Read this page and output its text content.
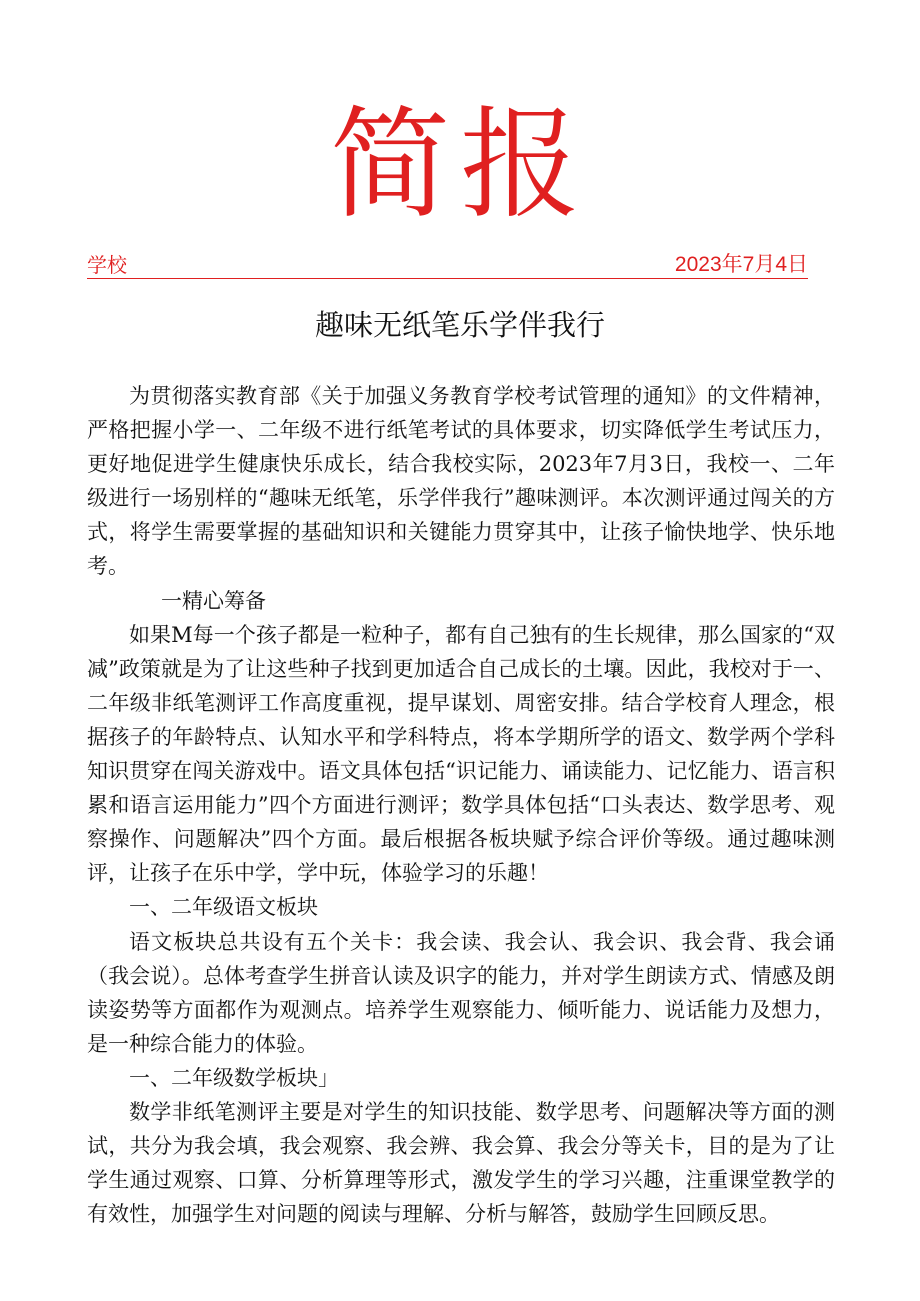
简报
学校	2023年7月4日
趣味无纸笔乐学伴我行

为贯彻落实教育部《关于加强义务教育学校考试管理的通知》的文件精神，严格把握小学一、二年级不进行纸笔考试的具体要求，切实降低学生考试压力，更好地促进学生健康快乐成长，结合我校实际，2023年7月3日，我校一、二年级进行一场别样的“趣味无纸笔，乐学伴我行”趣味测评。本次测评通过闯关的方式，将学生需要掌握的基础知识和关键能力贯穿其中，让孩子愉快地学、快乐地考。

一精心筹备

如果M每一个孩子都是一粒种子，都有自己独有的生长规律，那么国家的“双减”政策就是为了让这些种子找到更加适合自己成长的土壤。因此，我校对于一、二年级非纸笔测评工作高度重视，提早谋划、周密安排。结合学校育人理念，根据孩子的年龄特点、认知水平和学科特点，将本学期所学的语文、数学两个学科知识贯穿在闯关游戏中。语文具体包括“识记能力、诵读能力、记忆能力、语言积累和语言运用能力”四个方面进行测评；数学具体包括“口头表达、数学思考、观察操作、问题解决”四个方面。最后根据各板块赋予综合评价等级。通过趣味测评，让孩子在乐中学，学中玩，体验学习的乐趣！

一、二年级语文板块

语文板块总共设有五个关卡：我会读、我会认、我会识、我会背、我会诵（我会说）。总体考查学生拼音认读及识字的能力，并对学生朗读方式、情感及朗读姿势等方面都作为观测点。培养学生观察能力、倾听能力、说话能力及想力，是一种综合能力的体验。

一、二年级数学板块」

数学非纸笔测评主要是对学生的知识技能、数学思考、问题解决等方面的测试，共分为我会填，我会观察、我会辨、我会算、我会分等关卡，目的是为了让学生通过观察、口算、分析算理等形式，激发学生的学习兴趣，注重课堂教学的有效性，加强学生对问题的阅读与理解、分析与解答，鼓励学生回顾反思。
